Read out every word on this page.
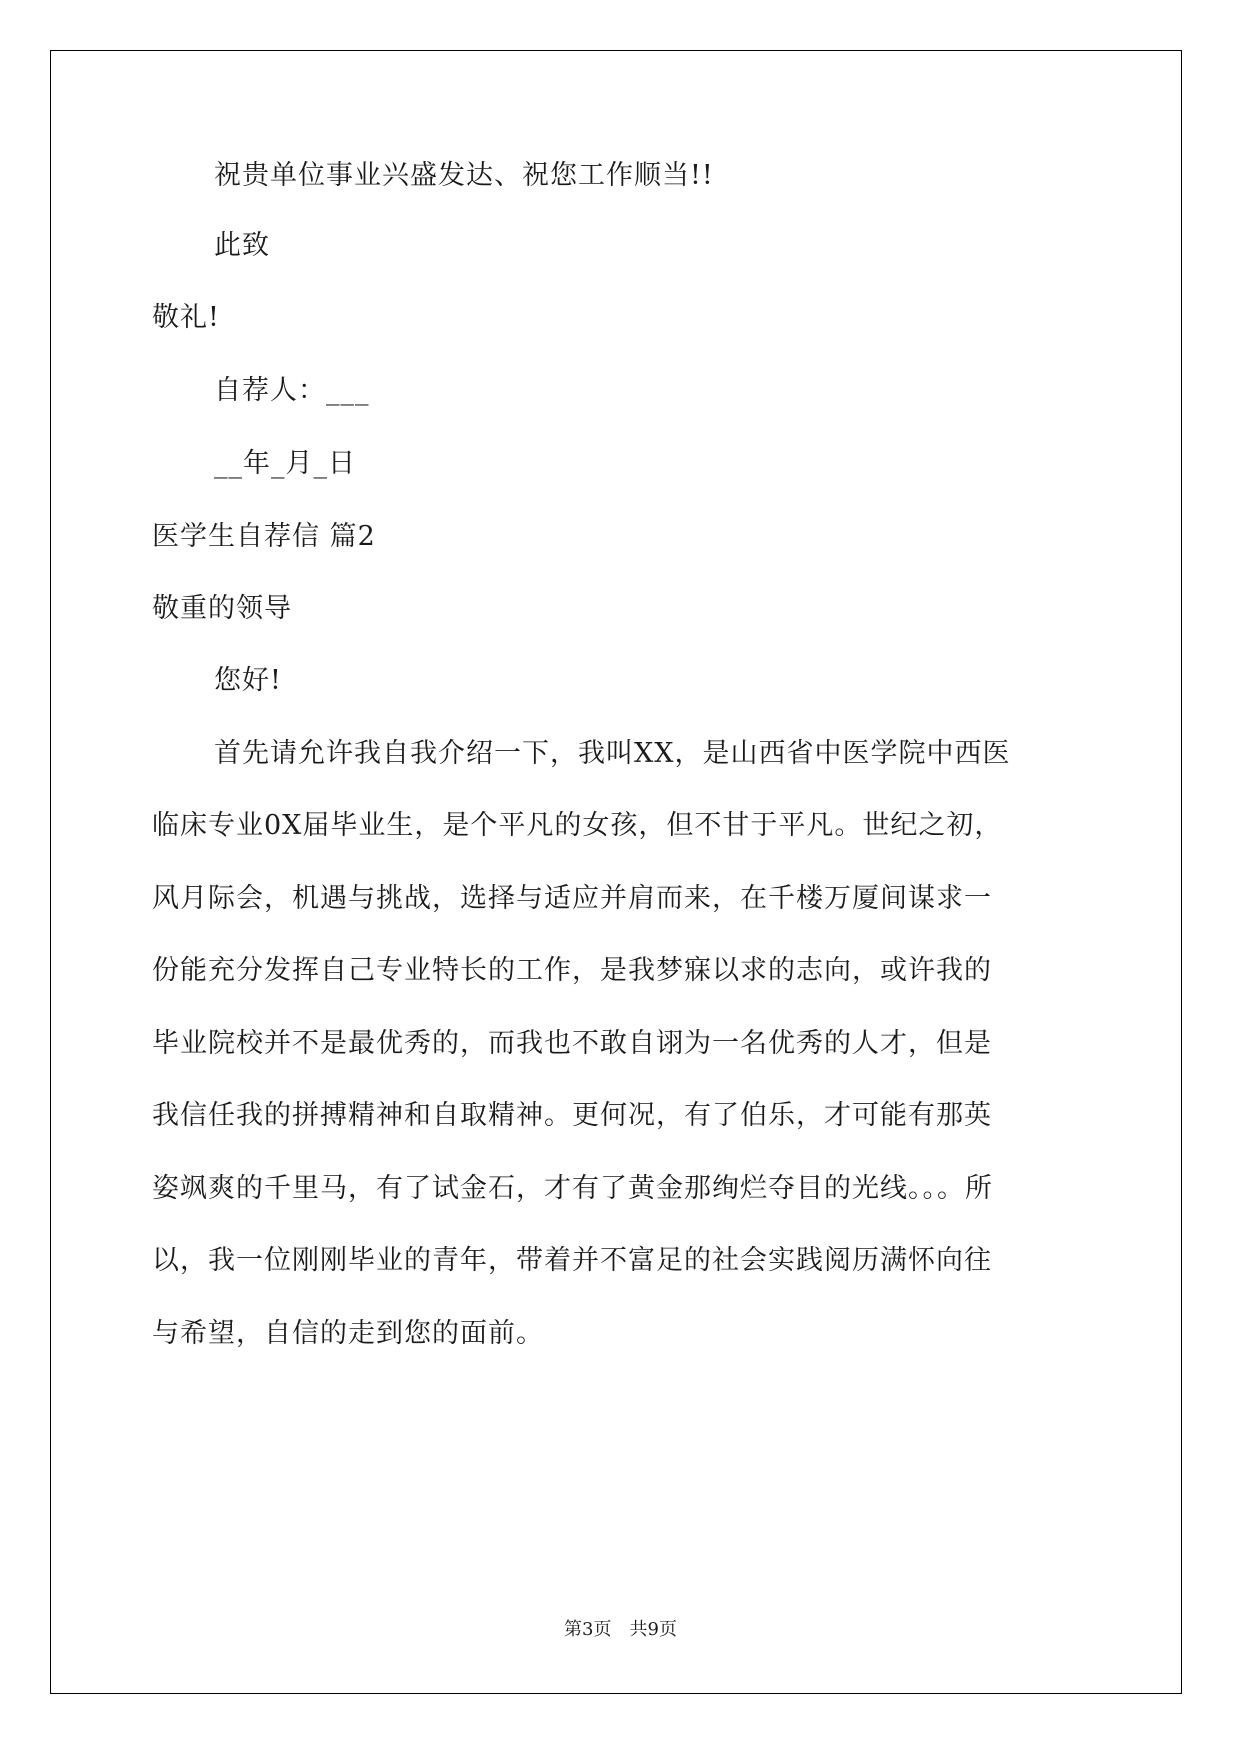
祝贵单位事业兴盛发达、祝您工作顺当!!
此致
敬礼!
自荐人：___
__年_月_日
医学生自荐信 篇2
敬重的领导
您好!
首先请允许我自我介绍一下，我叫XX，是山西省中医学院中西医
临床专业0X届毕业生，是个平凡的女孩，但不甘于平凡。世纪之初，
风月际会，机遇与挑战，选择与适应并肩而来，在千楼万厦间谋求一
份能充分发挥自己专业特长的工作，是我梦寐以求的志向，或许我的
毕业院校并不是最优秀的，而我也不敢自诩为一名优秀的人才，但是
我信任我的拼搏精神和自取精神。更何况，有了伯乐，才可能有那英
姿飒爽的千里马，有了试金石，才有了黄金那绚烂夺目的光线。。。所
以，我一位刚刚毕业的青年，带着并不富足的社会实践阅历满怀向往
与希望，自信的走到您的面前。
第3页　共9页
